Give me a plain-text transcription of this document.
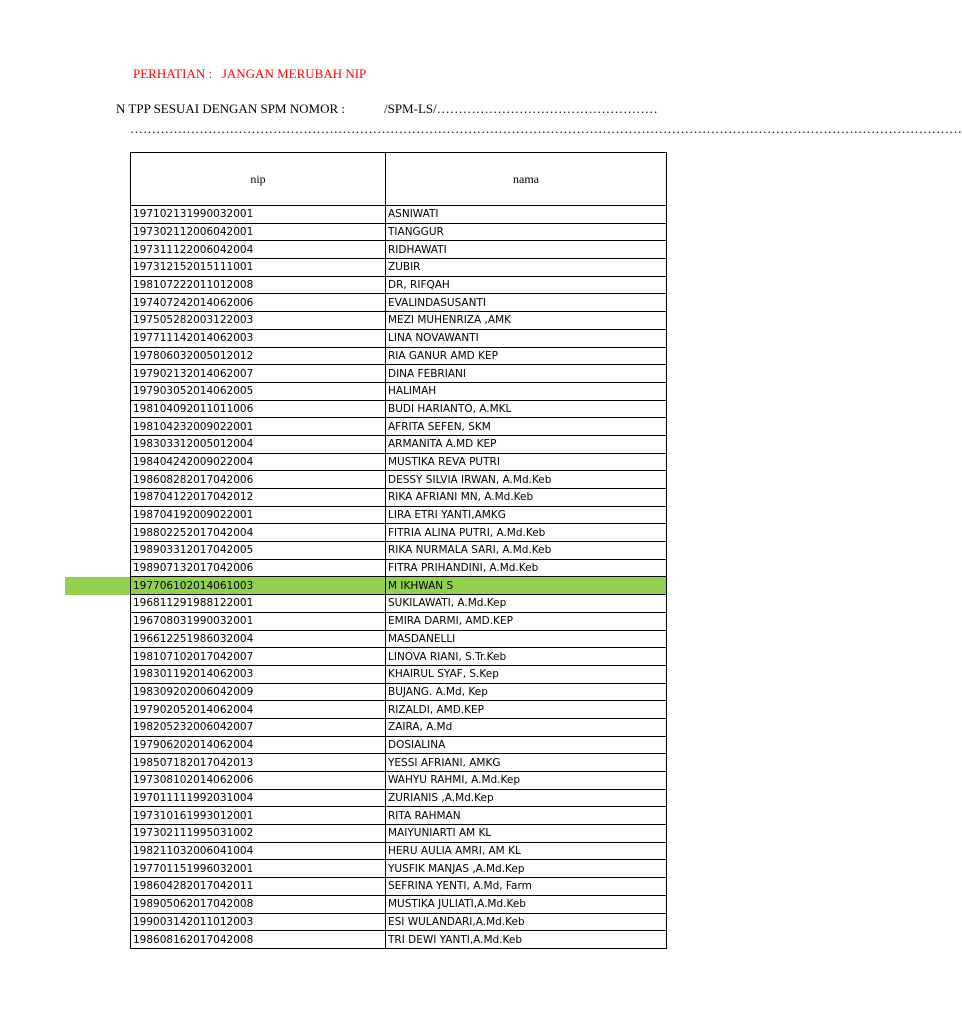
PERHATIAN :   JANGAN MERUBAH NIP
N TPP SESUAI DENGAN SPM NOMOR :            /SPM-LS/……………………………………………
…………………………………………………………………………………………………………………………………………………………………………
nip	nama
197102131990032001	ASNIWATI
197302112006042001	TIANGGUR
197311122006042004	RIDHAWATI
197312152015111001	ZUBIR
198107222011012008	DR, RIFQAH
197407242014062006	EVALINDASUSANTI
197505282003122003	MEZI MUHENRIZA ,AMK
197711142014062003	LINA NOVAWANTI
197806032005012012	RIA GANUR AMD KEP
197902132014062007	DINA FEBRIANI
197903052014062005	HALIMAH
198104092011011006	BUDI HARIANTO, A.MKL
198104232009022001	AFRITA SEFEN, SKM
198303312005012004	ARMANITA A.MD KEP
198404242009022004	MUSTIKA REVA PUTRI
198608282017042006	DESSY SILVIA IRWAN, A.Md.Keb
198704122017042012	RIKA AFRIANI MN, A.Md.Keb
198704192009022001	LIRA ETRI YANTI,AMKG
198802252017042004	FITRIA ALINA PUTRI, A.Md.Keb
198903312017042005	RIKA NURMALA SARI, A.Md.Keb
198907132017042006	FITRA PRIHANDINI, A.Md.Keb
197706102014061003	M IKHWAN S
196811291988122001	SUKILAWATI, A.Md.Kep
196708031990032001	EMIRA DARMI, AMD.KEP
196612251986032004	MASDANELLI
198107102017042007	LINOVA RIANI, S.Tr.Keb
198301192014062003	KHAIRUL SYAF, S.Kep
198309202006042009	BUJANG. A.Md, Kep
197902052014062004	RIZALDI, AMD.KEP
198205232006042007	ZAIRA, A.Md
197906202014062004	DOSIALINA
198507182017042013	YESSI AFRIANI, AMKG
197308102014062006	WAHYU RAHMI, A.Md.Kep
197011111992031004	ZURIANIS ,A.Md.Kep
197310161993012001	RITA RAHMAN
197302111995031002	MAIYUNIARTI AM KL
198211032006041004	HERU AULIA AMRI, AM KL
197701151996032001	YUSFIK MANJAS ,A.Md.Kep
198604282017042011	SEFRINA YENTI, A.Md, Farm
198905062017042008	MUSTIKA JULIATI,A.Md.Keb
199003142011012003	ESI WULANDARI,A.Md.Keb
198608162017042008	TRI DEWI YANTI,A.Md.Keb
